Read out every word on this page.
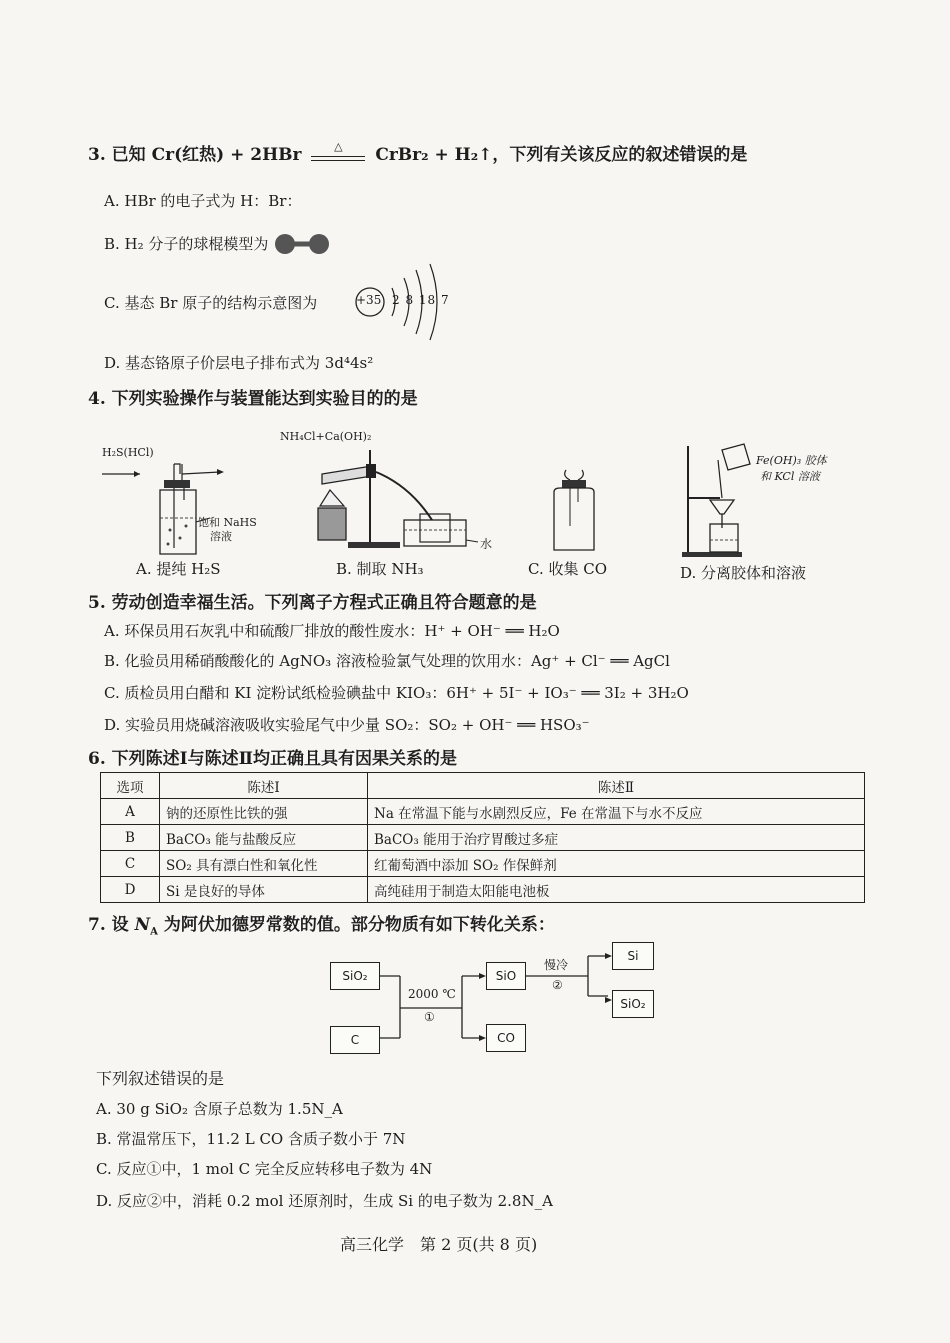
3. 已知 Cr(红热) + 2HBr	△ CrBr₂ + H₂↑，下列有关该反应的叙述错误的是
A. HBr 的电子式为 H：Br：
B. H₂ 分子的球棍模型为
C. 基态 Br 原子的结构示意图为	+35 2 8 18 7
D. 基态铬原子价层电子排布式为 3d⁴4s²
4. 下列实验操作与装置能达到实验目的的是
H₂S(HCl)
饱和 NaHS
溶液
A. 提纯 H₂S
NH₄Cl+Ca(OH)₂
水
B. 制取 NH₃	C. 收集 CO
Fe(OH)₃ 胶体
和 KCl 溶液
D. 分离胶体和溶液
5. 劳动创造幸福生活。下列离子方程式正确且符合题意的是
A. 环保员用石灰乳中和硫酸厂排放的酸性废水：H⁺ + OH⁻ ══ H₂O
B. 化验员用稀硝酸酸化的 AgNO₃ 溶液检验氯气处理的饮用水：Ag⁺ + Cl⁻ ══ AgCl
C. 质检员用白醋和 KI 淀粉试纸检验碘盐中 KIO₃：6H⁺ + 5I⁻ + IO₃⁻ ══ 3I₂ + 3H₂O
D. 实验员用烧碱溶液吸收实验尾气中少量 SO₂：SO₂ + OH⁻ ══ HSO₃⁻
6. 下列陈述Ⅰ与陈述Ⅱ均正确且具有因果关系的是
选项	陈述Ⅰ	陈述Ⅱ
A	钠的还原性比铁的强	Na 在常温下能与水剧烈反应，Fe 在常温下与水不反应
B	BaCO₃ 能与盐酸反应	BaCO₃ 能用于治疗胃酸过多症
C	SO₂ 具有漂白性和氧化性	红葡萄酒中添加 SO₂ 作保鲜剂
D	Si 是良好的导体	高纯硅用于制造太阳能电池板
7. 设 $N_A$ 为阿伏加德罗常数的值。部分物质有如下转化关系：
SiO₂
C
2000 ℃
①
SiO
CO
慢冷
②
Si
SiO₂
下列叙述错误的是
A. 30 g SiO₂ 含原子总数为 1.5N_A
B. 常温常压下，11.2 L CO 含质子数小于 7N
C. 反应①中，1 mol C 完全反应转移电子数为 4N
D. 反应②中，消耗 0.2 mol 还原剂时，生成 Si 的电子数为 2.8N_A
高三化学　第 2 页(共 8 页)
